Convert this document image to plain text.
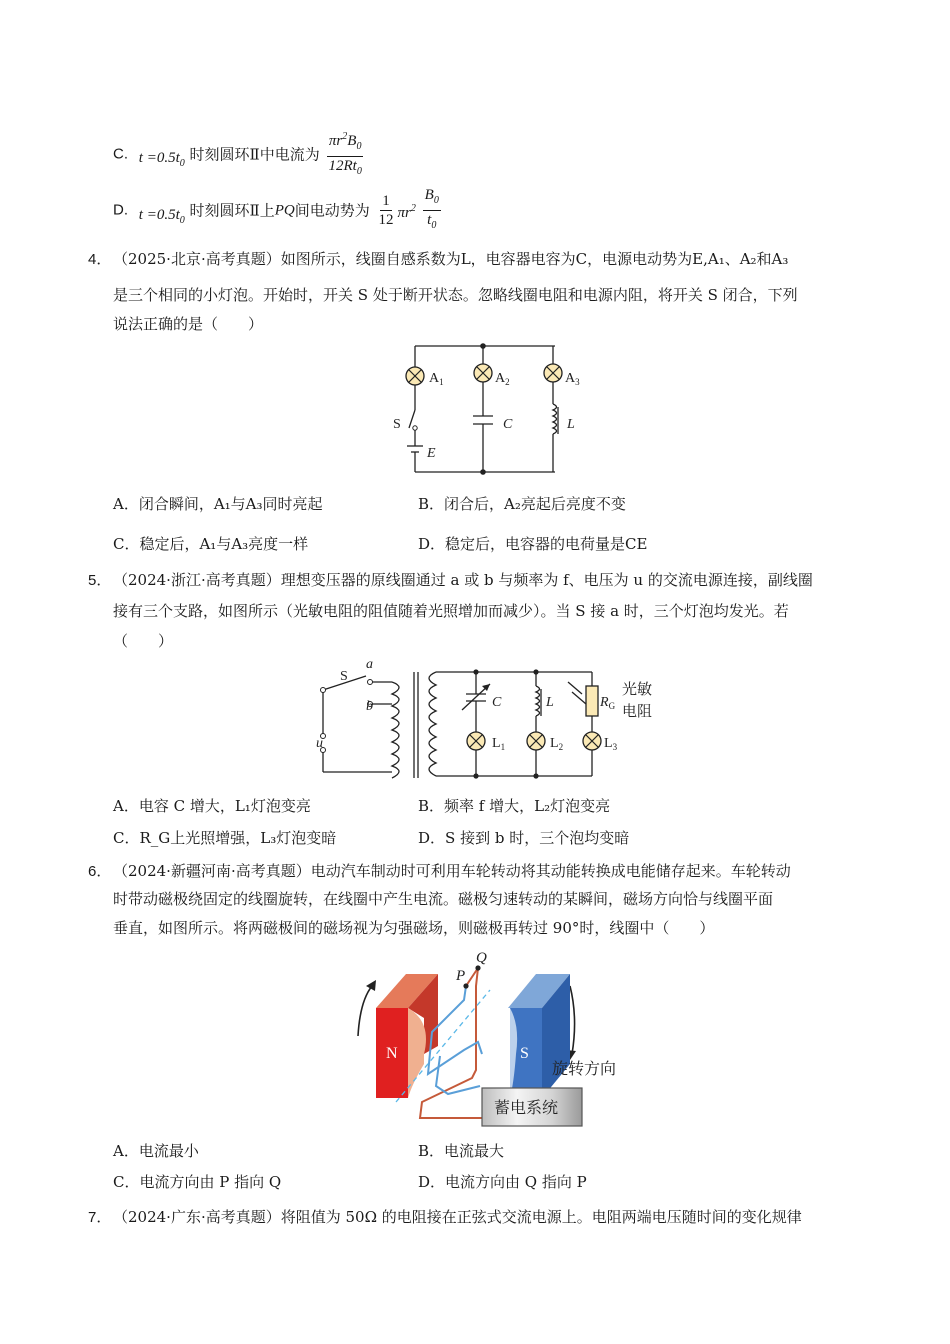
C. $t =0.5t_0$ 时刻圆环Ⅱ中电流为 $\frac{\pi r^2B_0}{12Rt_0}$
D. $t =0.5t_0$ 时刻圆环Ⅱ上PQ间电动势为 $\frac{1}{12} \pi r^2 \frac{B_0}{t_0}$
4． （2025·北京·高考真题）如图所示，线圈自感系数为L，电容器电容为C，电源电动势为E,A₁、A₂和A₃
是三个相同的小灯泡。开始时，开关 S 处于断开状态。忽略线圈电阻和电源内阻，将开关 S 闭合，下列
说法正确的是（　　）
$A_1$	$A_2$	$A_3$
S	C	L
E
A．闭合瞬间，A₁与A₃同时亮起	B．闭合后，A₂亮起后亮度不变
C．稳定后，A₁与A₃亮度一样	D．稳定后，电容器的电荷量是CE
5． （2024·浙江·高考真题）理想变压器的原线圈通过 a 或 b 与频率为 f、电压为 u 的交流电源连接，副线圈
接有三个支路，如图所示（光敏电阻的阻值随着光照增加而减少）。当 S 接 a 时，三个灯泡均发光。若
（　　）
S
a
b
u
C	L	$R_G$
光敏
电阻
$L_1$	$L_2$	$L_3$
A．电容 C 增大，L₁灯泡变亮	B．频率 f 增大，L₂灯泡变亮
C．R_G上光照增强，L₃灯泡变暗	D．S 接到 b 时，三个泡均变暗
6． （2024·新疆河南·高考真题）电动汽车制动时可利用车轮转动将其动能转换成电能储存起来。车轮转动
时带动磁极绕固定的线圈旋转，在线圈中产生电流。磁极匀速转动的某瞬间，磁场方向恰与线圈平面
垂直，如图所示。将两磁极间的磁场视为匀强磁场，则磁极再转过 90°时，线圈中（　　）
N	S
P
Q
旋转方向
蓄电系统
A．电流最小	B．电流最大
C．电流方向由 P 指向 Q	D．电流方向由 Q 指向 P
7． （2024·广东·高考真题）将阻值为 50Ω 的电阻接在正弦式交流电源上。电阻两端电压随时间的变化规律
